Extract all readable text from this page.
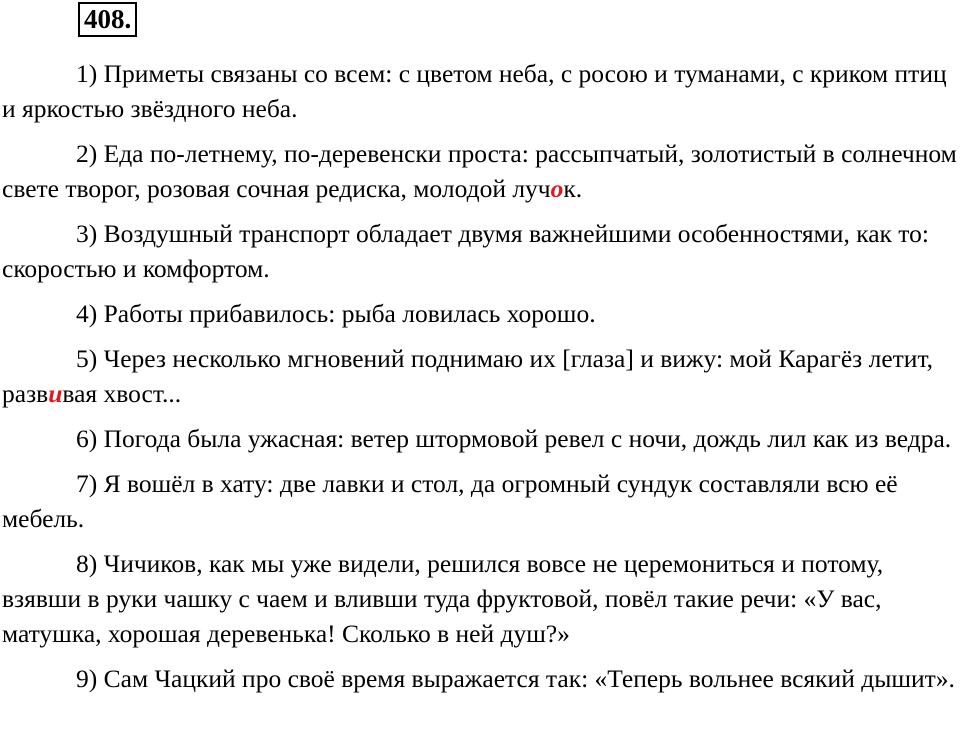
408.

1) Приметы связаны со всем: с цветом неба, с росою и туманами, с криком птиц и яркостью звёздного неба.

2) Еда по-летнему, по-деревенски проста: рассыпчатый, золотистый в солнечном свете творог, розовая сочная редиска, молодой лучок.

3) Воздушный транспорт обладает двумя важнейшими особенностями, как то: скоростью и комфортом.

4) Работы прибавилось: рыба ловилась хорошо.

5) Через несколько мгновений поднимаю их [глаза] и вижу: мой Карагёз летит, развивая хвост...

6) Погода была ужасная: ветер штормовой ревел с ночи, дождь лил как из ведра.

7) Я вошёл в хату: две лавки и стол, да огромный сундук составляли всю её мебель.

8) Чичиков, как мы уже видели, решился вовсе не церемониться и потому, взявши в руки чашку с чаем и вливши туда фруктовой, повёл такие речи: «У вас, матушка, хорошая деревенька! Сколько в ней душ?»

9) Сам Чацкий про своё время выражается так: «Теперь вольнее всякий дышит».
